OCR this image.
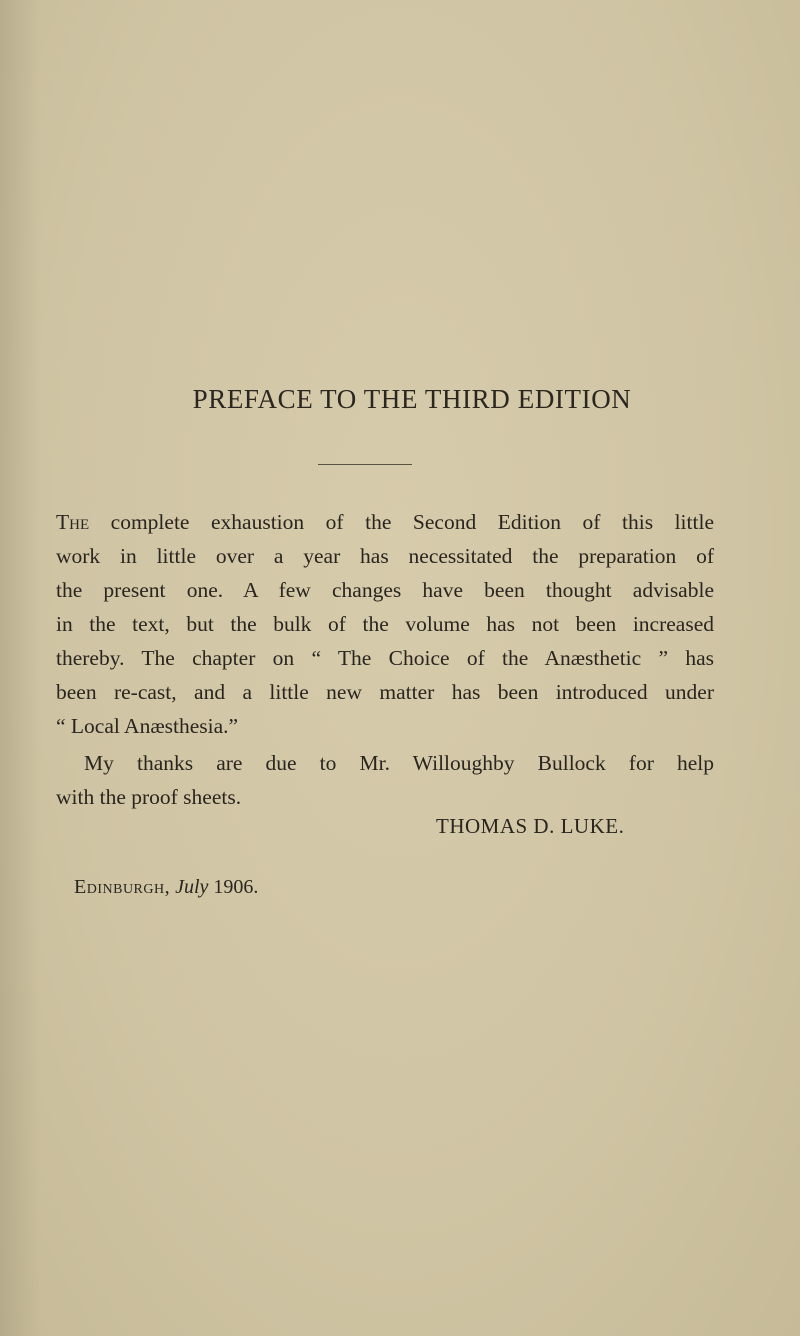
PREFACE TO THE THIRD EDITION
The complete exhaustion of the Second Edition of this little
work in little over a year has necessitated the preparation of
the present one. A few changes have been thought advisable
in the text, but the bulk of the volume has not been increased
thereby. The chapter on “ The Choice of the Anæsthetic ” has
been re-cast, and a little new matter has been introduced under
“ Local Anæsthesia.”
My thanks are due to Mr. Willoughby Bullock for help
with the proof sheets.
THOMAS D. LUKE.
Edinburgh, July 1906.
